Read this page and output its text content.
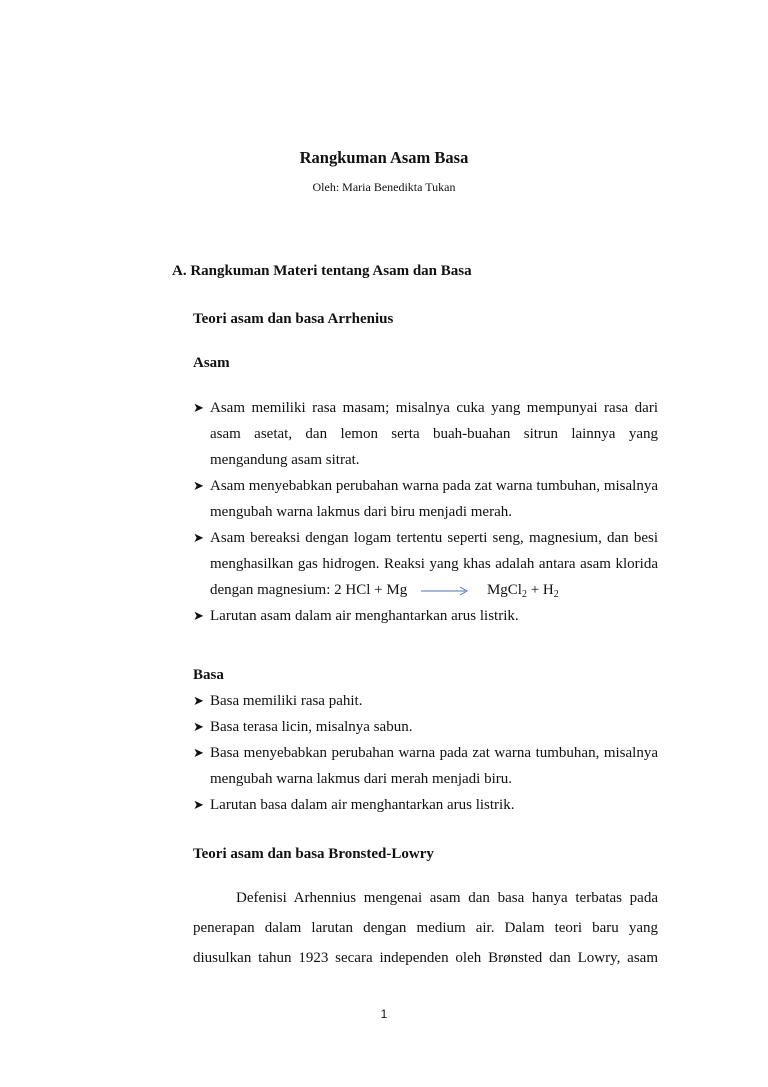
Rangkuman Asam Basa
Oleh: Maria Benedikta Tukan
A. Rangkuman Materi tentang Asam dan Basa
Teori asam dan basa Arrhenius
Asam
➤ Asam memiliki rasa masam; misalnya cuka yang mempunyai rasa dari asam asetat, dan lemon serta buah-buahan sitrun lainnya yang mengandung asam sitrat.
➤ Asam menyebabkan perubahan warna pada zat warna tumbuhan, misalnya mengubah warna lakmus dari biru menjadi merah.
➤ Asam bereaksi dengan logam tertentu seperti seng, magnesium, dan besi menghasilkan gas hidrogen. Reaksi yang khas adalah antara asam klorida dengan magnesium: 2 HCl + Mg → MgCl$_2$ + $H_2$
➤ Larutan asam dalam air menghantarkan arus listrik.
Basa
➤ Basa memiliki rasa pahit.
➤ Basa terasa licin, misalnya sabun.
➤ Basa menyebabkan perubahan warna pada zat warna tumbuhan, misalnya mengubah warna lakmus dari merah menjadi biru.
➤ Larutan basa dalam air menghantarkan arus listrik.
Teori asam dan basa Bronsted-Lowry
Defenisi Arhennius mengenai asam dan basa hanya terbatas pada penerapan dalam larutan dengan medium air. Dalam teori baru yang diusulkan tahun 1923 secara independen oleh Brønsted dan Lowry, asam
1
